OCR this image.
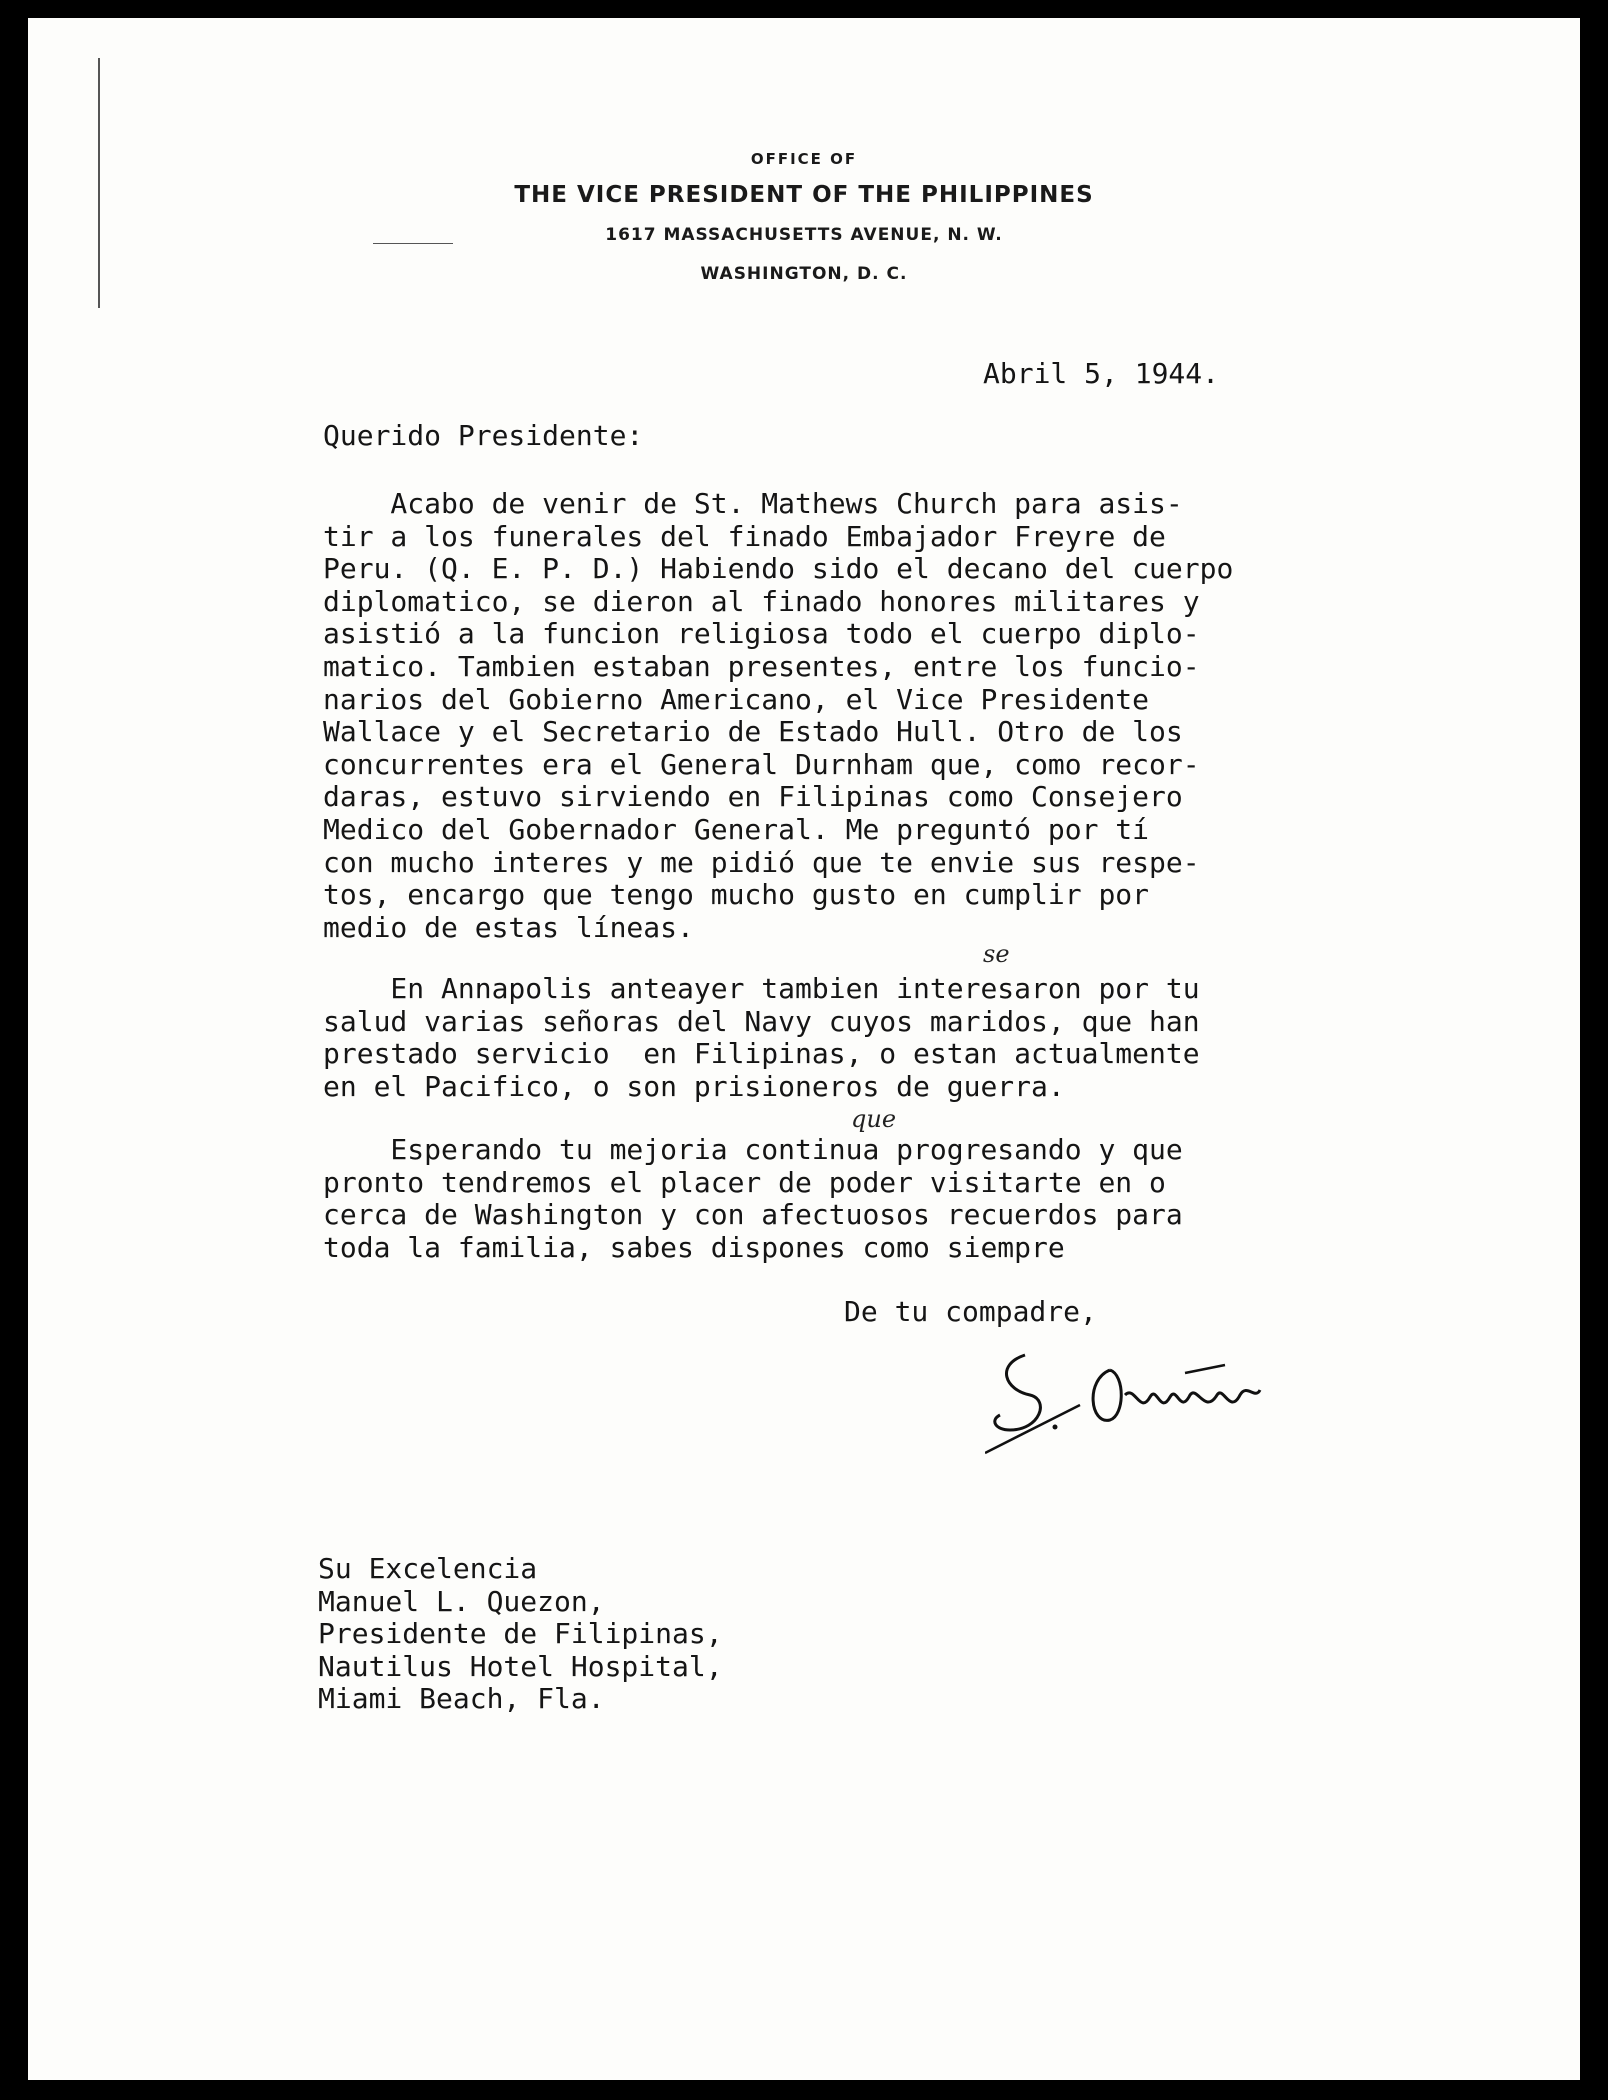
OFFICE OF
THE VICE PRESIDENT OF THE PHILIPPINES
1617 MASSACHUSETTS AVENUE, N. W.
WASHINGTON, D. C.
Abril 5, 1944.
Querido Presidente:
Acabo de venir de St. Mathews Church para asis-
tir a los funerales del finado Embajador Freyre de
Peru. (Q. E. P. D.) Habiendo sido el decano del cuerpo
diplomatico, se dieron al finado honores militares y
asistió a la funcion religiosa todo el cuerpo diplo-
matico. Tambien estaban presentes, entre los funcio-
narios del Gobierno Americano, el Vice Presidente
Wallace y el Secretario de Estado Hull. Otro de los
concurrentes era el General Durnham que, como recor-
daras, estuvo sirviendo en Filipinas como Consejero
Medico del Gobernador General. Me preguntó por tí
con mucho interes y me pidió que te envie sus respe-
tos, encargo que tengo mucho gusto en cumplir por
medio de estas líneas.
se
En Annapolis anteayer tambien interesaron por tu
salud varias señoras del Navy cuyos maridos, que han
prestado servicio  en Filipinas, o estan actualmente
en el Pacifico, o son prisioneros de guerra.
que
Esperando tu mejoria continua progresando y que
pronto tendremos el placer de poder visitarte en o
cerca de Washington y con afectuosos recuerdos para
toda la familia, sabes dispones como siempre
De tu compadre,
Su Excelencia
Manuel L. Quezon,
Presidente de Filipinas,
Nautilus Hotel Hospital,
Miami Beach, Fla.
